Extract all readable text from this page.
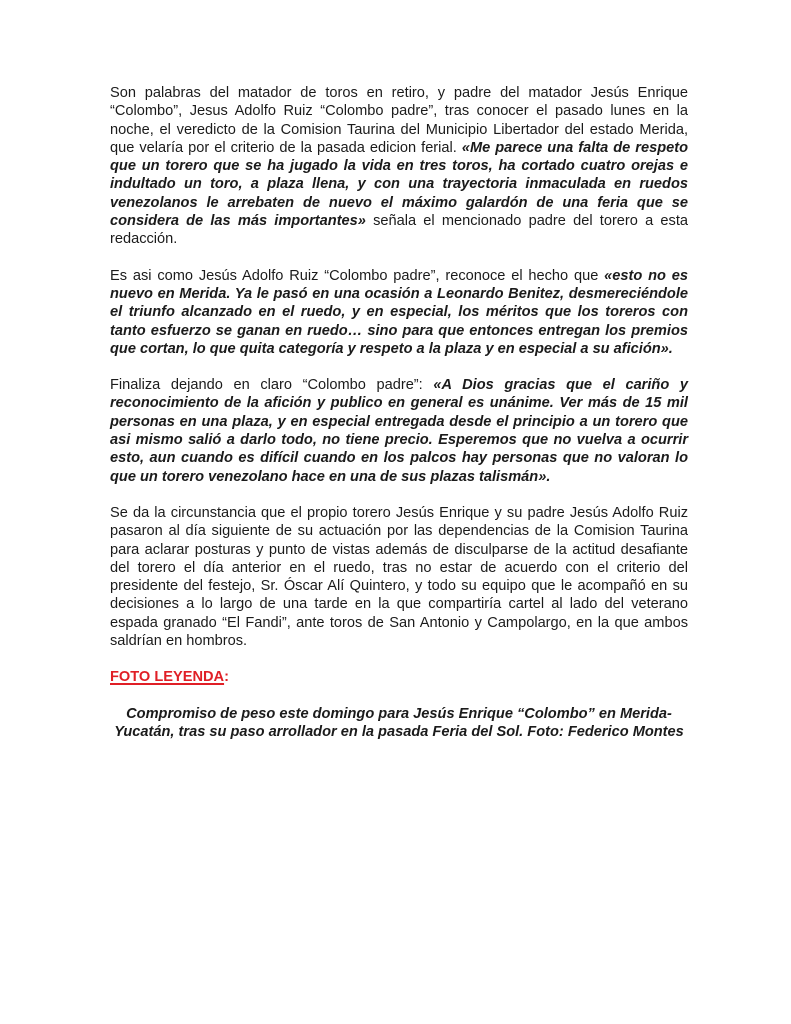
Son palabras del matador de toros en retiro, y padre del matador Jesús Enrique “Colombo”, Jesus Adolfo Ruiz “Colombo padre”, tras conocer el pasado lunes en la noche, el veredicto de la Comision Taurina del Municipio Libertador del estado Merida, que velaría por el criterio de la pasada edicion ferial. «Me parece una falta de respeto que un torero que se ha jugado la vida en tres toros, ha cortado cuatro orejas e indultado un toro, a plaza llena, y con una trayectoria inmaculada en ruedos venezolanos le arrebaten de nuevo el máximo galardón de una feria que se considera de las más importantes» señala el mencionado padre del torero a esta redacción.

Es asi como Jesús Adolfo Ruiz “Colombo padre”, reconoce el hecho que «esto no es nuevo en Merida. Ya le pasó en una ocasión a Leonardo Benitez, desmereciéndole el triunfo alcanzado en el ruedo, y en especial, los méritos que los toreros con tanto esfuerzo se ganan en ruedo… sino para que entonces entregan los premios que cortan, lo que quita categoría y respeto a la plaza y en especial a su afición».

Finaliza dejando en claro “Colombo padre”: «A Dios gracias que el cariño y reconocimiento de la afición y publico en general es unánime. Ver más de 15 mil personas en una plaza, y en especial entregada desde el principio a un torero que asi mismo salió a darlo todo, no tiene precio. Esperemos que no vuelva a ocurrir esto, aun cuando es difícil cuando en los palcos hay personas que no valoran lo que un torero venezolano hace en una de sus plazas talismán».

Se da la circunstancia que el propio torero Jesús Enrique y su padre Jesús Adolfo Ruiz pasaron al día siguiente de su actuación por las dependencias de la Comision Taurina para aclarar posturas y punto de vistas además de disculparse de la actitud desafiante del torero el día anterior en el ruedo, tras no estar de acuerdo con el criterio del presidente del festejo, Sr. Óscar Alí Quintero, y todo su equipo que le acompañó en su decisiones a lo largo de una tarde en la que compartiría cartel al lado del veterano espada granado “El Fandi”, ante toros de San Antonio y Campolargo, en la que ambos saldrían en hombros.

FOTO LEYENDA:

Compromiso de peso este domingo para Jesús Enrique “Colombo” en Merida-
Yucatán, tras su paso arrollador en la pasada Feria del Sol. Foto: Federico Montes
